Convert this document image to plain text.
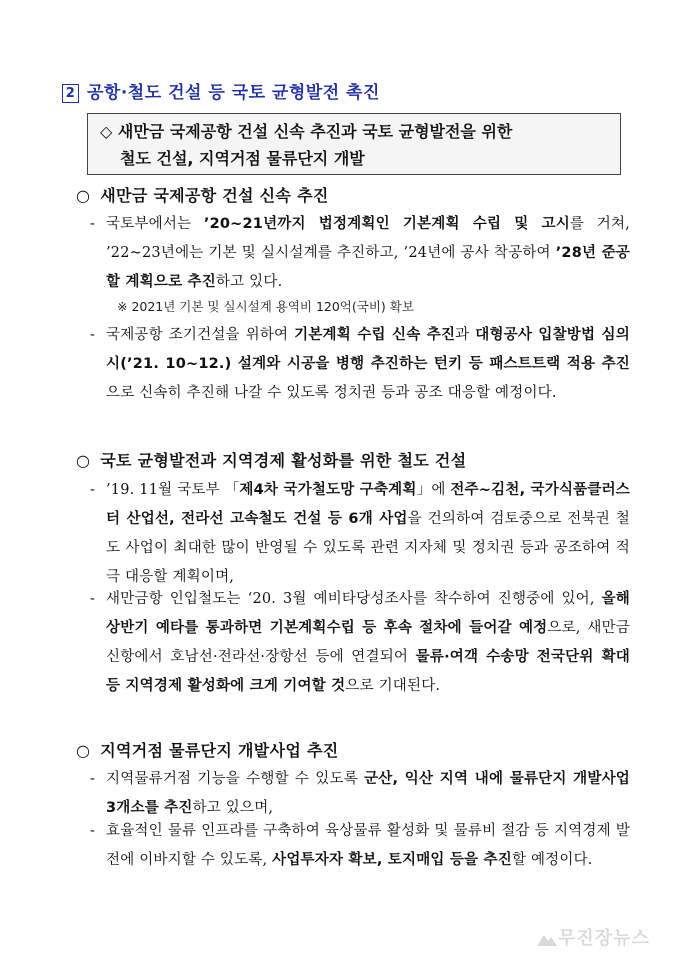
2 공항·철도 건설 등 국토 균형발전 촉진
◇ 새만금 국제공항 건설 신속 추진과 국토 균형발전을 위한
철도 건설, 지역거점 물류단지 개발
○ 새만금 국제공항 건설 신속 추진
- 국토부에서는 ’20~21년까지 법정계획인 기본계획 수립 및 고시를 거쳐, ’22~23년에는 기본 및 실시설계를 추진하고, ’24년에 공사 착공하여 ’28년 준공할 계획으로 추진하고 있다.
※ 2021년 기본 및 실시설계 용역비 120억(국비) 확보
- 국제공항 조기건설을 위하여 기본계획 수립 신속 추진과 대형공사 입찰방법 심의 시(’21. 10~12.) 설계와 시공을 병행 추진하는 턴키 등 패스트트랙 적용 추진으로 신속히 추진해 나갈 수 있도록 정치권 등과 공조 대응할 예정이다.
○ 국토 균형발전과 지역경제 활성화를 위한 철도 건설
- ’19. 11월 국토부 「제4차 국가철도망 구축계획」에 전주~김천, 국가식품클러스터 산업선, 전라선 고속철도 건설 등 6개 사업을 건의하여 검토중으로 전북권 철도 사업이 최대한 많이 반영될 수 있도록 관련 지자체 및 정치권 등과 공조하여 적극 대응할 계획이며,
- 새만금항 인입철도는 ‘20. 3월 예비타당성조사를 착수하여 진행중에 있어, 올해 상반기 예타를 통과하면 기본계획수립 등 후속 절차에 들어갈 예정으로, 새만금 신항에서 호남선·전라선·장항선 등에 연결되어 물류·여객 수송망 전국단위 확대 등 지역경제 활성화에 크게 기여할 것으로 기대된다.
○ 지역거점 물류단지 개발사업 추진
- 지역물류거점 기능을 수행할 수 있도록 군산, 익산 지역 내에 물류단지 개발사업 3개소를 추진하고 있으며,
- 효율적인 물류 인프라를 구축하여 육상물류 활성화 및 물류비 절감 등 지역경제 발전에 이바지할 수 있도록, 사업투자자 확보, 토지매입 등을 추진할 예정이다.
무진장뉴스
